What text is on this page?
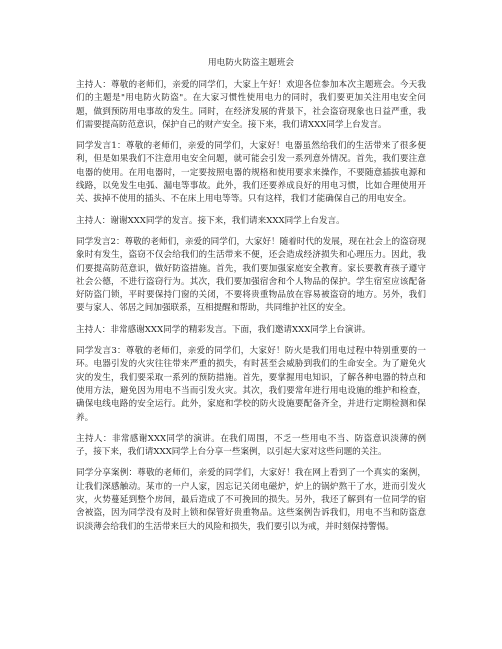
用电防火防盗主题班会

主持人：尊敬的老师们，亲爱的同学们，大家上午好！欢迎各位参加本次主题班会。今天我们的主题是"用电防火防盗"。在大家习惯性使用电力的同时，我们要更加关注用电安全问题，做到预防用电事故的发生。同时，在经济发展的背景下，社会盗窃现象也日益严重，我们需要提高防范意识，保护自己的财产安全。接下来，我们请XXX同学上台发言。

同学发言1：尊敬的老师们，亲爱的同学们，大家好！电器虽然给我们的生活带来了很多便利，但是如果我们不注意用电安全问题，就可能会引发一系列意外情况。首先，我们要注意电器的使用。在用电器时，一定要按照电器的规格和使用要求来操作，不要随意插拔电源和线路，以免发生电弧、漏电等事故。此外，我们还要养成良好的用电习惯，比如合理使用开关、拔掉不使用的插头、不在床上用电等等。只有这样，我们才能确保自己的用电安全。

主持人：谢谢XXX同学的发言。接下来，我们请来XXX同学上台发言。

同学发言2：尊敬的老师们，亲爱的同学们，大家好！随着时代的发展，现在社会上的盗窃现象时有发生，盗窃不仅会给我们的生活带来不便，还会造成经济损失和心理压力。因此，我们要提高防范意识，做好防盗措施。首先，我们要加强家庭安全教育。家长要教育孩子遵守社会公德，不进行盗窃行为。其次，我们要加强宿舍和个人物品的保护。学生宿室应该配备好防盗门锁，平时要保持门窗的关闭，不要将贵重物品放在容易被盗窃的地方。另外，我们要与家人、邻居之间加强联系，互相提醒和帮助，共同维护社区的安全。

主持人：非常感谢XXX同学的精彩发言。下面，我们邀请XXX同学上台演讲。

同学发言3：尊敬的老师们，亲爱的同学们，大家好！防火是我们用电过程中特别重要的一环。电器引发的火灾往往带来严重的损失，有时甚至会威胁到我们的生命安全。为了避免火灾的发生，我们要采取一系列的预防措施。首先，要掌握用电知识，了解各种电器的特点和使用方法，避免因为用电不当而引发火灾。其次，我们要常年进行用电设施的维护和检查，确保电线电路的安全运行。此外，家庭和学校的防火设施要配备齐全，并进行定期检测和保养。

主持人：非常感谢XXX同学的演讲。在我们周围，不乏一些用电不当、防盗意识淡薄的例子，接下来，我们请XXX同学上台分享一些案例，以引起大家对这些问题的关注。

同学分享案例：尊敬的老师们，亲爱的同学们，大家好！我在网上看到了一个真实的案例，让我们深感触动。某市的一户人家，因忘记关闭电磁炉，炉上的锅炉熬干了水，进而引发火灾，火势蔓延到整个房间，最后造成了不可挽回的损失。另外，我还了解到有一位同学的宿舍被盗，因为同学没有及时上锁和保管好贵重物品。这些案例告诉我们，用电不当和防盗意识淡薄会给我们的生活带来巨大的风险和损失，我们要引以为戒，并时刻保持警惕。
